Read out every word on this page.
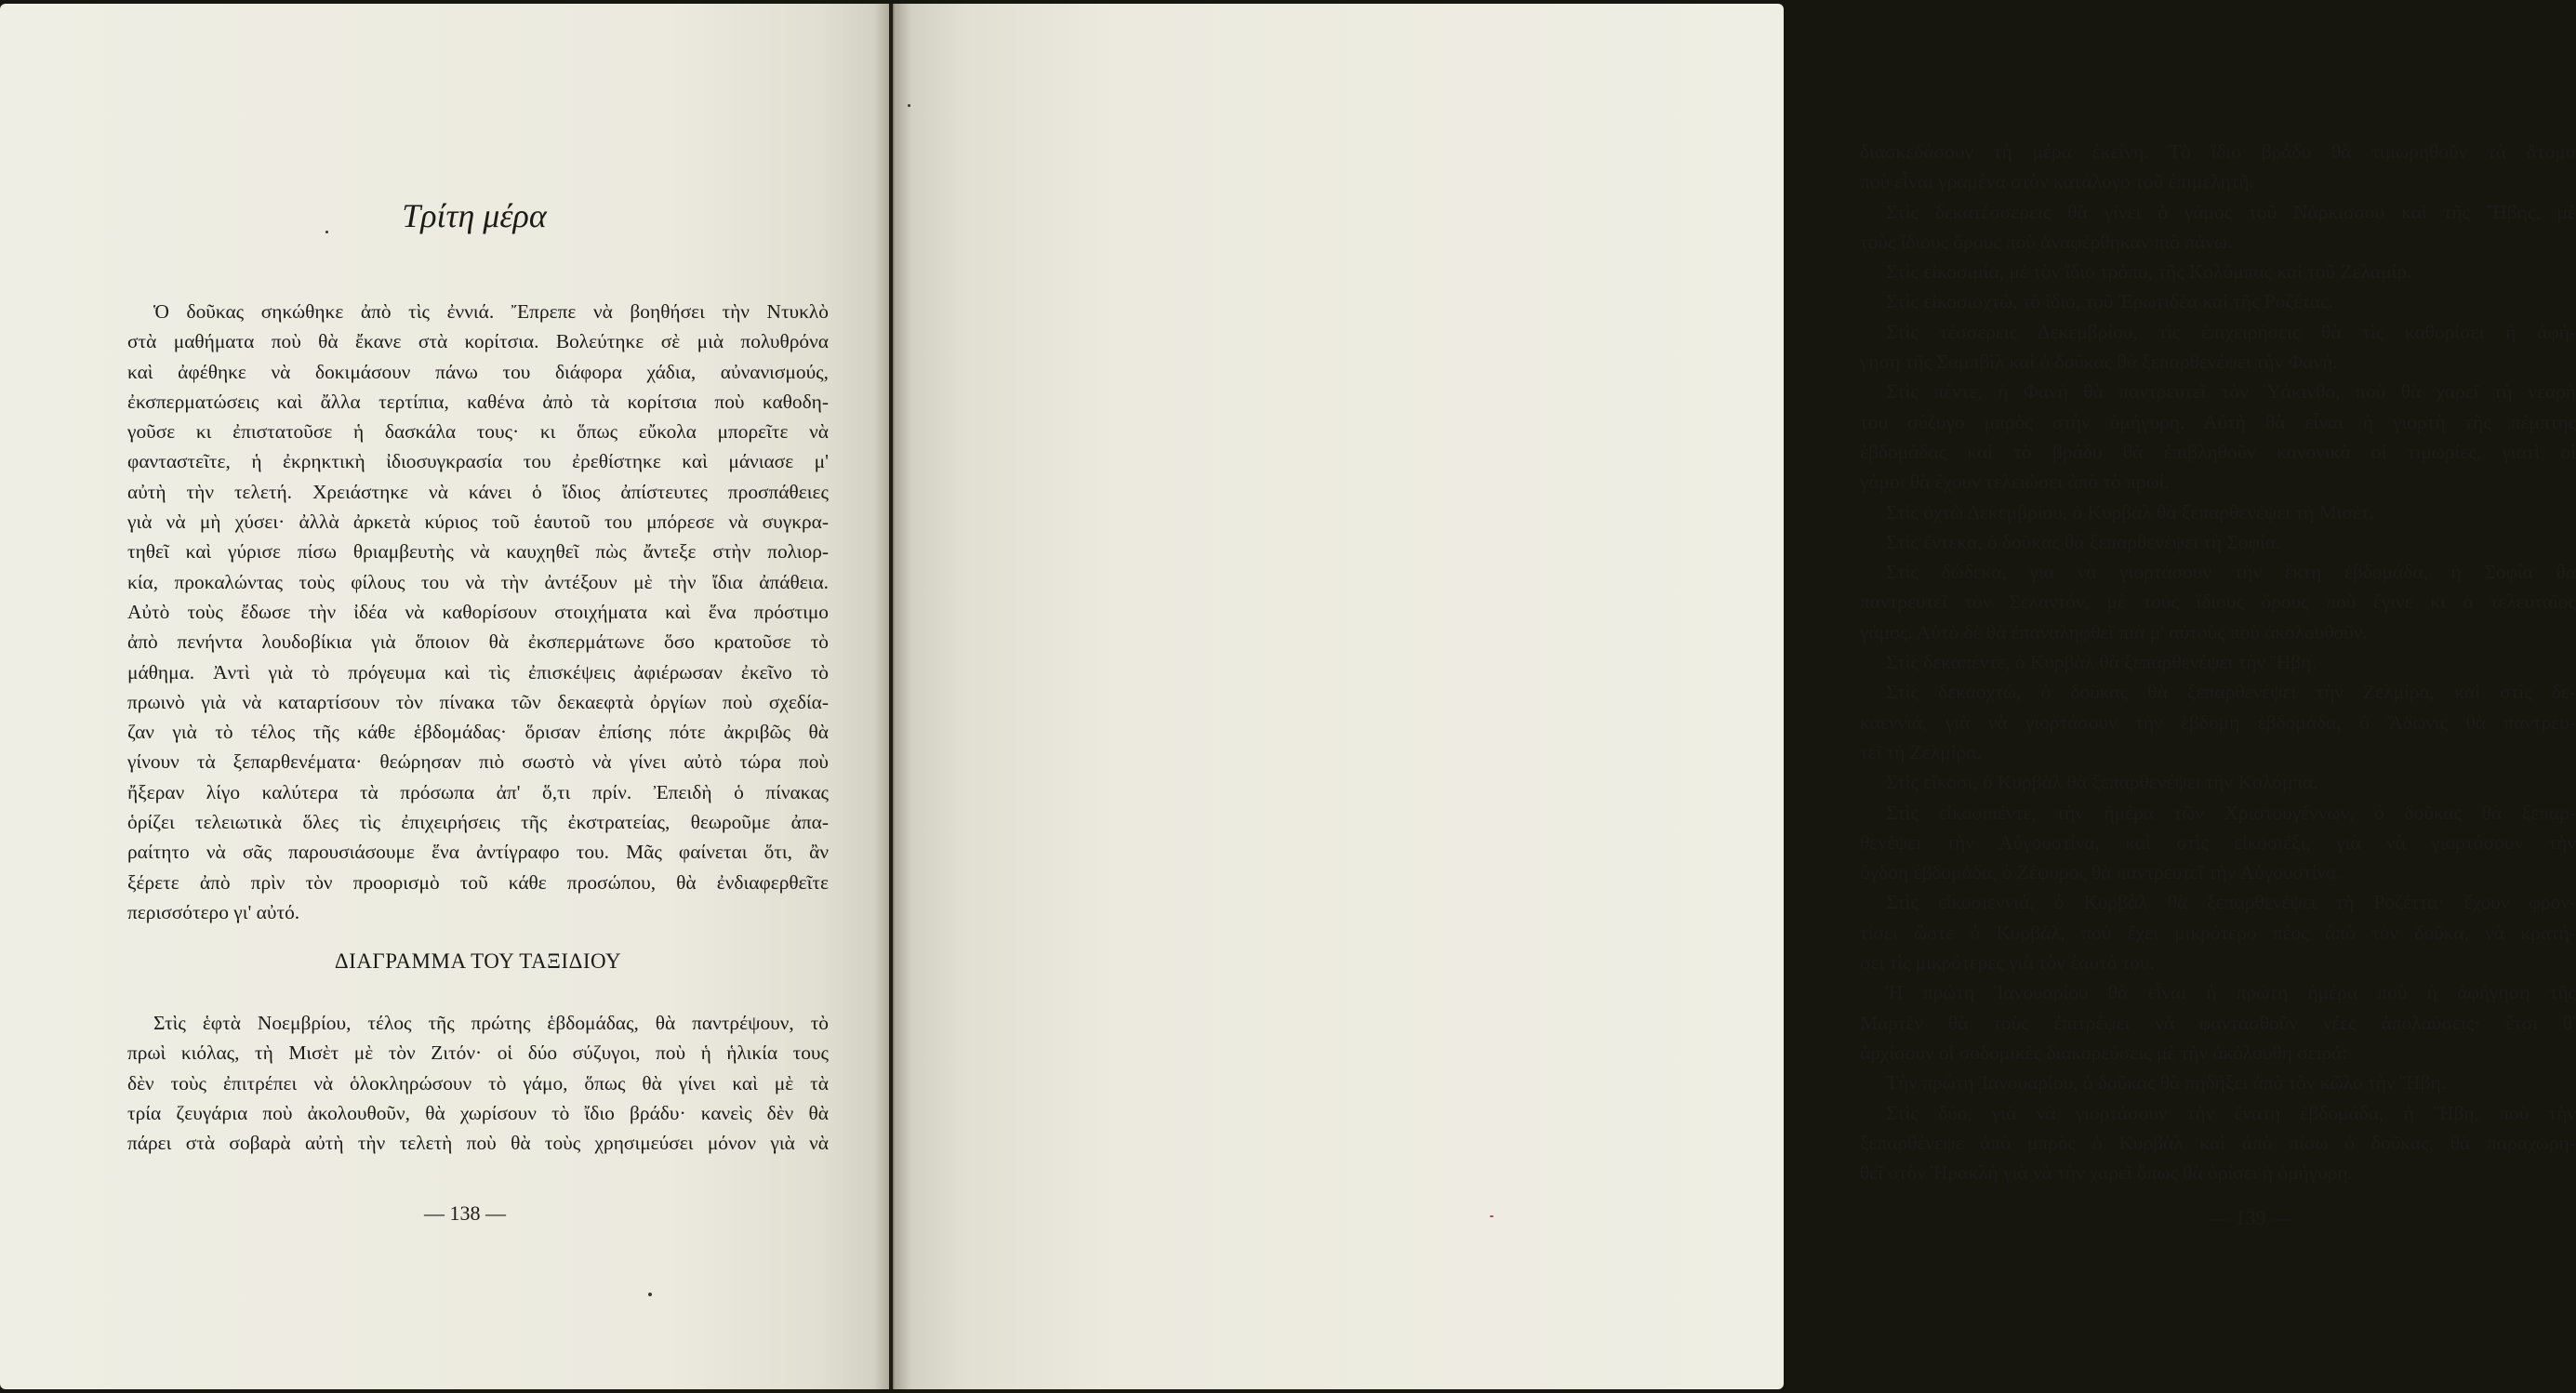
Τρίτη μέρα
Ὁ δοῦκας σηκώθηκε ἀπὸ τὶς ἐννιά. Ἔπρεπε νὰ βοηθήσει τὴν Ντυκλὸ
στὰ μαθήματα ποὺ θὰ ἔκανε στὰ κορίτσια. Βολεύτηκε σὲ μιὰ πολυθρόνα
καὶ ἀφέθηκε νὰ δοκιμάσουν πάνω του διάφορα χάδια, αὐνανισμούς,
ἐκσπερματώσεις καὶ ἄλλα τερτίπια, καθένα ἀπὸ τὰ κορίτσια ποὺ καθοδη-
γοῦσε κι ἐπιστατοῦσε ἡ δασκάλα τους· κι ὅπως εὔκολα μπορεῖτε νὰ
φανταστεῖτε, ἡ ἐκρηκτικὴ ἰδιοσυγκρασία του ἐρεθίστηκε καὶ μάνιασε μ'
αὐτὴ τὴν τελετή. Χρειάστηκε νὰ κάνει ὁ ἴδιος ἀπίστευτες προσπάθειες
γιὰ νὰ μὴ χύσει· ἀλλὰ ἀρκετὰ κύριος τοῦ ἑαυτοῦ του μπόρεσε νὰ συγκρα-
τηθεῖ καὶ γύρισε πίσω θριαμβευτὴς νὰ καυχηθεῖ πὼς ἄντεξε στὴν πολιορ-
κία, προκαλώντας τοὺς φίλους του νὰ τὴν ἀντέξουν μὲ τὴν ἴδια ἀπάθεια.
Αὐτὸ τοὺς ἔδωσε τὴν ἰδέα νὰ καθορίσουν στοιχήματα καὶ ἕνα πρόστιμο
ἀπὸ πενήντα λουδοβίκια γιὰ ὅποιον θὰ ἐκσπερμάτωνε ὅσο κρατοῦσε τὸ
μάθημα. Ἀντὶ γιὰ τὸ πρόγευμα καὶ τὶς ἐπισκέψεις ἀφιέρωσαν ἐκεῖνο τὸ
πρωινὸ γιὰ νὰ καταρτίσουν τὸν πίνακα τῶν δεκαεφτὰ ὀργίων ποὺ σχεδία-
ζαν γιὰ τὸ τέλος τῆς κάθε ἑβδομάδας· ὅρισαν ἐπίσης πότε ἀκριβῶς θὰ
γίνουν τὰ ξεπαρθενέματα· θεώρησαν πιὸ σωστὸ νὰ γίνει αὐτὸ τώρα ποὺ
ἤξεραν λίγο καλύτερα τὰ πρόσωπα ἀπ' ὅ,τι πρίν. Ἐπειδὴ ὁ πίνακας
ὁρίζει τελειωτικὰ ὅλες τὶς ἐπιχειρήσεις τῆς ἐκστρατείας, θεωροῦμε ἀπα-
ραίτητο νὰ σᾶς παρουσιάσουμε ἕνα ἀντίγραφο του. Μᾶς φαίνεται ὅτι, ἂν
ξέρετε ἀπὸ πρὶν τὸν προορισμὸ τοῦ κάθε προσώπου, θὰ ἐνδιαφερθεῖτε
περισσότερο γι' αὐτό.
ΔΙΑΓΡΑΜΜΑ ΤΟΥ ΤΑΞΙΔΙΟΥ
Στὶς ἑφτὰ Νοεμβρίου, τέλος τῆς πρώτης ἑβδομάδας, θὰ παντρέψουν, τὸ
πρωὶ κιόλας, τὴ Μισὲτ μὲ τὸν Ζιτόν· οἱ δύο σύζυγοι, ποὺ ἡ ἡλικία τους
δὲν τοὺς ἐπιτρέπει νὰ ὁλοκληρώσουν τὸ γάμο, ὅπως θὰ γίνει καὶ μὲ τὰ
τρία ζευγάρια ποὺ ἀκολουθοῦν, θὰ χωρίσουν τὸ ἴδιο βράδυ· κανεὶς δὲν θὰ
πάρει στὰ σοβαρὰ αὐτὴ τὴν τελετὴ ποὺ θὰ τοὺς χρησιμεύσει μόνον γιὰ νὰ
— 138 —
διασκεδάσουν τὴ μέρα ἐκείνη. Τὸ ἴδιο βράδυ θὰ τιμωρηθοῦν τὰ ἄτομα
ποὺ εἶναι γραμένα στὸν κατάλογο τοῦ ἐπιμελητῆ.
Στὶς δεκατέσσερεις θὰ γίνει ὁ γάμος τοῦ Νάρκισσου καὶ τῆς Ἥβης, μὲ
τοὺς ἴδιους ὅρους ποὺ ἀναφέρθηκαν πιὸ πάνω.
Στὶς εἰκοσιμία, μὲ τὸν ἴδιο τρόπο, τῆς Κολόμπας καὶ τοῦ Ζελαμίρ.
Στὶς εἰκοσιοχτώ, τὸ ἴδιο, τοῦ Ἐρωτιδέα καὶ τῆς Ροζέτας.
Στὶς τέσσερεις Δεκεμβρίου, τὶς ἐπιχειρήσεις θὰ τὶς καθορίσει ἡ ἀφή-
γηση τῆς Σαμπβὶλ καὶ ὁ δοῦκας θὰ ξεπαρθενέψει τὴν Φανή.
Στὶς πέντε, ἡ Φανὴ θὰ παντρευτεῖ τὸν Ὑάκινθο, ποὺ θὰ χαρεῖ τὴ νεαρὴ
του σύζυγο μπρὸς στὴν ὁμήγυρη. Αὐτὴ θὰ εἶναι ἡ γιορτὴ τῆς πέμπτης
ἑβδομάδας καὶ τὸ βράδυ θὰ ἐπιβληθοῦν κανονικὰ οἱ τιμωρίες, γιατὶ οἱ
γάμοι θὰ ἔχουν τελειώσει ἀπὸ τὸ πρωί.
Στὶς ὀχτὼ Δεκεμβρίου, ὁ Κυρβὰλ θὰ ξεπαρθενέψει τὴ Μισέτ.
Στὶς ἔντεκα, ὁ δοῦκας θὰ ξεπαρθενέψει τὴ Σοφία.
Στὶς δώδεκα, γιὰ νὰ γιορτάσουν τὴν ἕκτη ἑβδομάδα, ἡ Σοφία θὰ
παντρευτεῖ τὸν Σελαντόν, μὲ τοὺς ἴδιους ὅρους ποὺ ἔγινε κι ὁ τελευταῖος
γάμος. Αὐτὸ δὲ θὰ ἐπαναληφθεῖ πιὰ μ' αὐτοὺς ποὺ ἀκολουθοῦν.
Στὶς δεκαπέντε, ὁ Κυρβὰλ θὰ ξεπαρθενέψει τὴν Ἥβη.
Στὶς δεκαοχτώ, ὁ δοῦκας θὰ ξεπαρθενέψει τὴν Ζελμίρα, καὶ στὶς δε-
καεννιά, γιὰ νὰ γιορτάσουν τὴν ἑβδομη ἑβδομάδα, ὁ Ἄδωνις θὰ παντρευ-
τεῖ τὴ Ζελμίρα.
Στὶς εἴκοσι, ὁ Κυρβὰλ θὰ ξεπαρθενέψει τὴν Κολόμπα.
Στὶς εἰκοσιπέντε, τὴν ἡμέρα τῶν Χριστουγέννων, ὁ δοῦκας θὰ ξεπαρ-
θενέψει τὴν Αὐγουστίνα, καὶ στὶς εἰκοσιέξι, γιὰ νὰ γιορτάσουν τὴν
ὄγδοη ἑβδομάδα, ὁ Ζέφυρος θὰ παντρευτεῖ τὴν Αὐγουστίνα.
Στὶς εἰκοσιεννιά, ὁ Κυρβὰλ θὰ ξεπαρθενέψει τὴ Ροζέττα· ἔχουν φρον-
τίσει ὥστε ὁ Κυρβάλ, ποὺ ἔχει μικρότερο πέος ἀπὸ τὸν δοῦκα, νὰ κρατή-
σει τὶς μικρότερες γιὰ τὸν ἑαυτό του.
Ἡ πρώτη Ἰανουαρίου θὰ εἶναι ἡ πρώτη ἡμέρα ποὺ ἡ ἀφήγηση τῆς
Μαρτὲν θὰ τοὺς ἐπιτρέψει νὰ φαντασθοῦν νέες ἀπολαύσεις· ἔτσι θ'
ἀρχίσουν οἱ σοδομικὲς διακορεύσεις μὲ τὴν ἀκόλουθη σειρά:
Τὴν πρώτη Ἰανουαρίου, ὁ δοῦκας θὰ πηδήξει ἀπὸ τὸν κῶλο τὴν Ἥβη.
Στὶς δύο, γιὰ νὰ γιορτάσουν τὴν ἔνατη ἑβδομάδα, ἡ Ἥβη, ποὺ τὴν
ξεπαρθένεψε ἀπὸ μπρὸς ὁ Κυρβὰλ καὶ ἀπὸ πίσω ὁ δοῦκας, θὰ παραχωρη-
θεῖ στὸν Ἡρακλὴ γιὰ νὰ τὴν χαρεῖ ὅπως θὰ ὁρίσει ἡ ὁμήγυρη.
— 139 —
